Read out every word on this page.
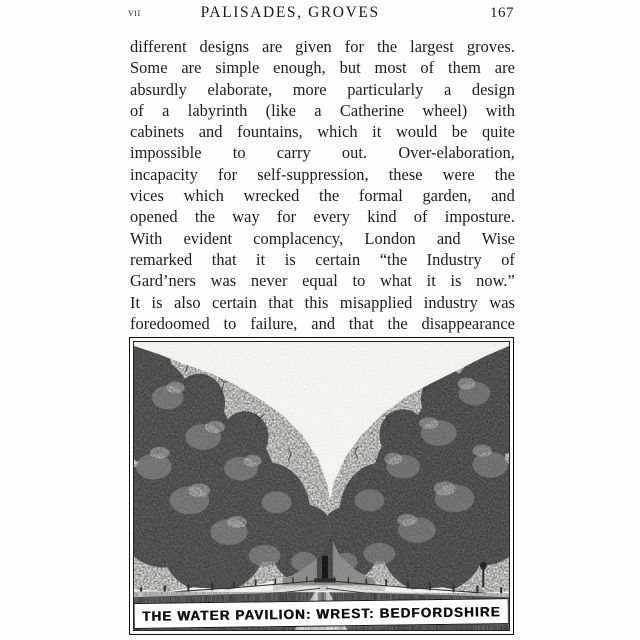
vii	PALISADES, GROVES	167
different designs are given for the largest groves.
Some are simple enough, but most of them are
absurdly elaborate, more particularly a design
of a labyrinth (like a Catherine wheel) with
cabinets and fountains, which it would be quite
impossible to carry out. Over-elaboration,
incapacity for self-suppression, these were the
vices which wrecked the formal garden, and
opened the way for every kind of imposture.
With evident complacency, London and Wise
remarked that it is certain “the Industry of
Gard’ners was never equal to what it is now.”
It is also certain that this misapplied industry was
foredoomed to failure, and that the disappearance
THE WATER PAVILION: WREST: BEDFORDSHIRE
